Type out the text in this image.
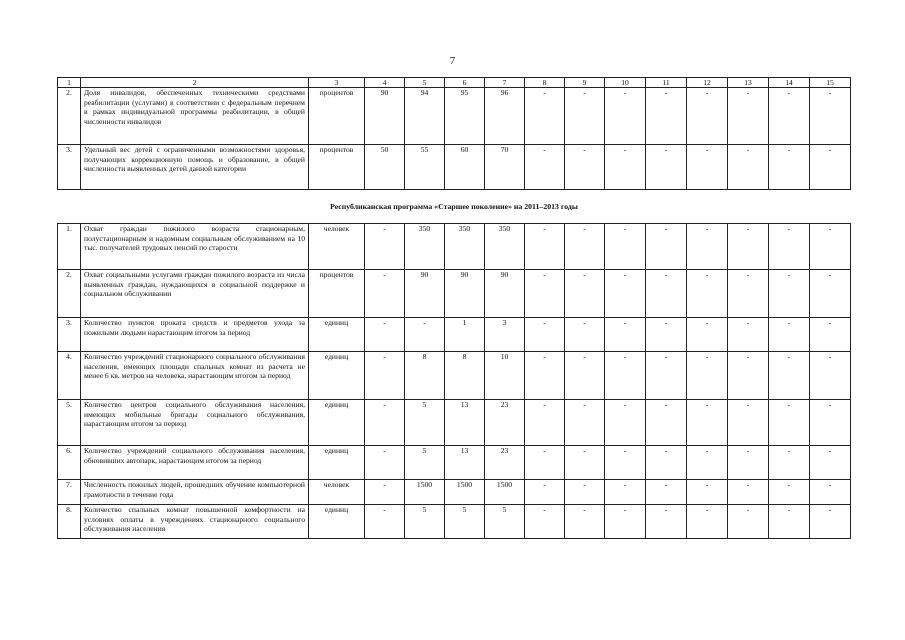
7
1	2	3	4	5	6	7	8	9	10	11	12	13	14	15
2.	Доля инвалидов, обеспеченных техническими средствами реабилитации (услугами) в соответствии с федеральным перечнем в рамках индивидуальной программы реабилитации, в общей численности инвалидов	процентов	90	94	95	96	-	-	-	-	-	-	-	-
3.	Удельный вес детей с ограниченными возможностями здоровья, получающих коррекционную помощь и образование, в общей численности выявленных детей данной категории	процентов	50	55	60	70	-	-	-	-	-	-	-	-
Республиканская программа «Старшее поколение» на 2011–2013 годы														
1.	Охват граждан пожилого возраста стационарным, полустационарным и надомным социальным обслуживанием на 10 тыс. получателей трудовых пенсий по старости	человек	-	350	350	350	-	-	-	-	-	-	-	-
2.	Охват социальными услугами граждан пожилого возраста из числа выявленных граждан, нуждающихся в социальной поддержке и социальном обслуживании	процентов	-	90	90	90	-	-	-	-	-	-	-	-
3.	Количество пунктов проката средств и предметов ухода за пожилыми людьми нарастающим итогом за период	единиц	-	-	1	3	-	-	-	-	-	-	-	-
4.	Количество учреждений стационарного социального обслуживания населения, имеющих площади спальных комнат из расчета не менее 6 кв. метров на человека, нарастающим итогом за период	единиц	-	8	8	10	-	-	-	-	-	-	-	-
5.	Количество центров социального обслуживания населения, имеющих мобильные бригады социального обслуживания, нарастающим итогом за период	единиц	-	5	13	23	-	-	-	-	-	-	-	-
6.	Количество учреждений социального обслуживания населения, обновивших автопарк, нарастающим итогом за период	единиц	-	5	13	23	-	-	-	-	-	-	-	-
7.	Численность пожилых людей, прошедших обучение компьютерной грамотности в течение года	человек	-	1500	1500	1500	-	-	-	-	-	-	-	-
8.	Количество спальных комнат повышенной комфортности на условиях оплаты в учреждениях стационарного социального обслуживания населения	единиц	-	5	5	5	-	-	-	-	-	-	-	-
